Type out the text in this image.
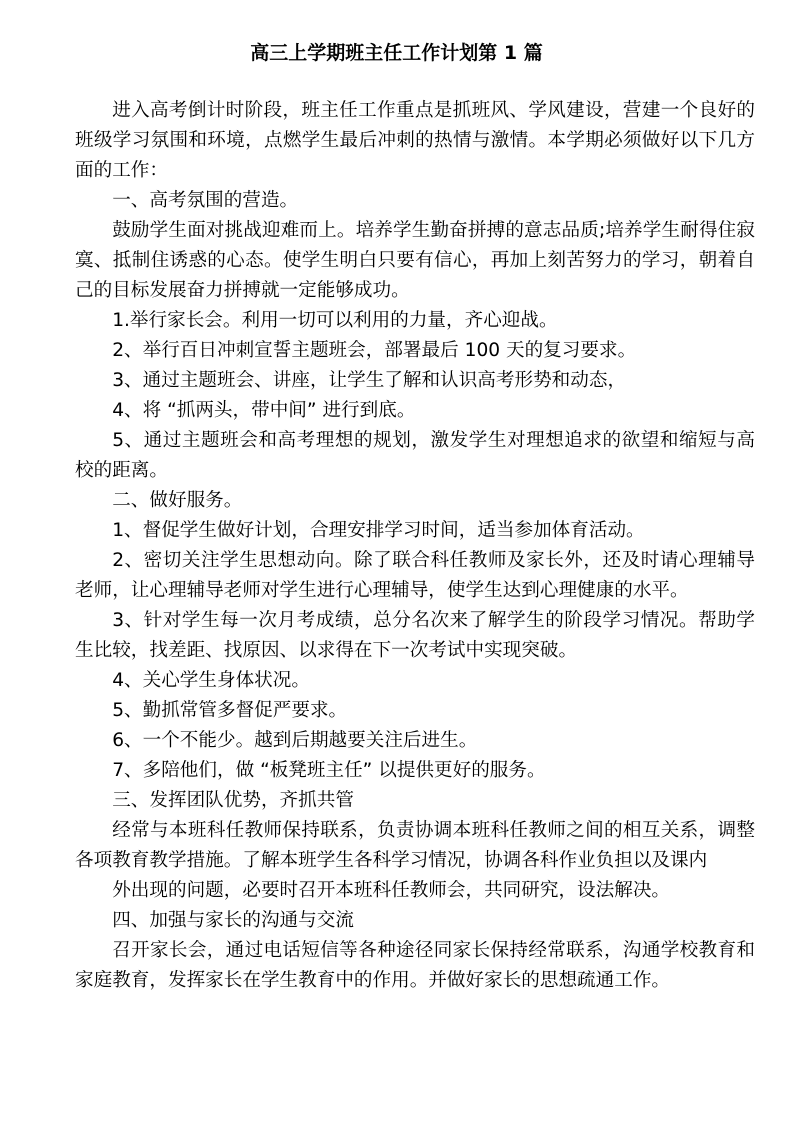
高三上学期班主任工作计划第 1 篇

进入高考倒计时阶段，班主任工作重点是抓班风、学风建设，营建一个良好的班级学习氛围和环境，点燃学生最后冲刺的热情与激情。本学期必须做好以下几方面的工作：

一、高考氛围的营造。

鼓励学生面对挑战迎难而上。培养学生勤奋拼搏的意志品质;培养学生耐得住寂寞、抵制住诱惑的心态。使学生明白只要有信心，再加上刻苦努力的学习，朝着自己的目标发展奋力拼搏就一定能够成功。

1.举行家长会。利用一切可以利用的力量，齐心迎战。

2、举行百日冲刺宣誓主题班会，部署最后 100 天的复习要求。

3、通过主题班会、讲座，让学生了解和认识高考形势和动态，

4、将 “抓两头，带中间” 进行到底。

5、通过主题班会和高考理想的规划，激发学生对理想追求的欲望和缩短与高校的距离。

二、做好服务。

1、督促学生做好计划，合理安排学习时间，适当参加体育活动。

2、密切关注学生思想动向。除了联合科任教师及家长外，还及时请心理辅导老师，让心理辅导老师对学生进行心理辅导，使学生达到心理健康的水平。

3、针对学生每一次月考成绩，总分名次来了解学生的阶段学习情况。帮助学生比较，找差距、找原因、以求得在下一次考试中实现突破。

4、关心学生身体状况。

5、勤抓常管多督促严要求。

6、一个不能少。越到后期越要关注后进生。

7、多陪他们，做 “板凳班主任” 以提供更好的服务。

三、发挥团队优势，齐抓共管

经常与本班科任教师保持联系，负责协调本班科任教师之间的相互关系，调整各项教育教学措施。了解本班学生各科学习情况，协调各科作业负担以及课内

外出现的问题，必要时召开本班科任教师会，共同研究，设法解决。

四、加强与家长的沟通与交流

召开家长会，通过电话短信等各种途径同家长保持经常联系，沟通学校教育和家庭教育，发挥家长在学生教育中的作用。并做好家长的思想疏通工作。
